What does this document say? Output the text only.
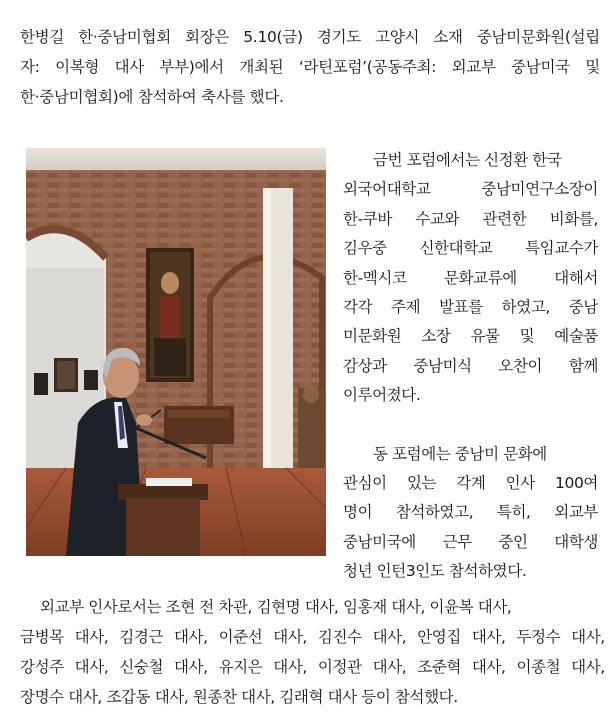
한병길 한·중남미협회 회장은 5.10(금) 경기도 고양시 소재 중남미문화원(설립
자: 이복형 대사 부부)에서 개최된 ‘라틴포럼’(공동주최: 외교부 중남미국 및
한·중남미협회)에 참석하여 축사를 했다.
금번 포럼에서는 신정환 한국
외국어대학교	중남미연구소장이
한-쿠바 수교와 관련한 비화를,
김우중 신한대학교 특임교수가
한-멕시코 문화교류에 대해서
각각 주제 발표를 하였고, 중남
미문화원 소장 유물 및 예술품
감상과 중남미식 오찬이 함께
이루어졌다.
동 포럼에는 중남미 문화에
관심이 있는 각계 인사 100여
명이 참석하였고, 특히, 외교부
중남미국에 근무 중인 대학생
청년 인턴3인도 참석하였다.
외교부 인사로서는 조현 전 차관, 김현명 대사, 임홍재 대사, 이윤복 대사,
금병목 대사, 김경근 대사, 이준선 대사, 김진수 대사, 안영집 대사, 두정수 대사,
강성주 대사, 신숭철 대사, 유지은 대사, 이정관 대사, 조준혁 대사, 이종철 대사,
장명수 대사, 조갑동 대사, 원종찬 대사, 김래혁 대사 등이 참석했다.
